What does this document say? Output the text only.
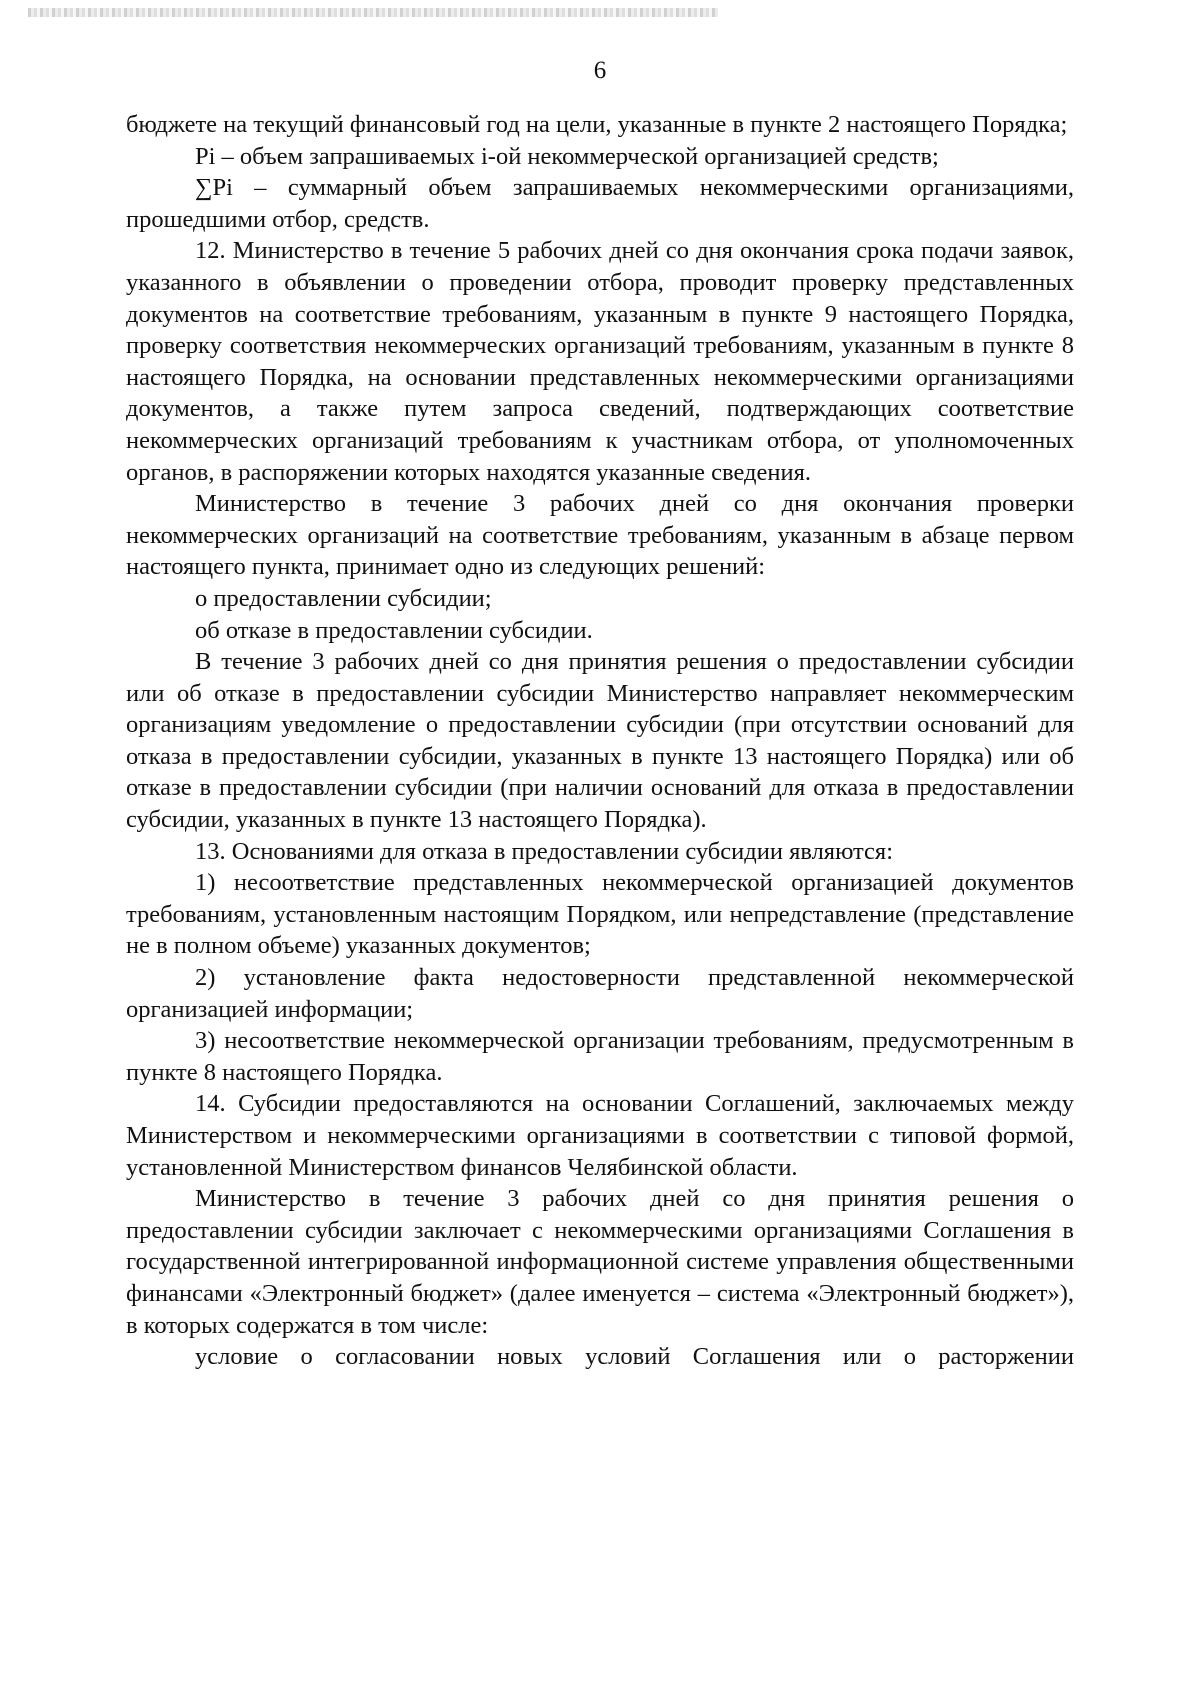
6

бюджете на текущий финансовый год на цели, указанные в пункте 2 настоящего Порядка;

Pi – объем запрашиваемых i-ой некоммерческой организацией средств;

∑Pi – суммарный объем запрашиваемых некоммерческими организациями, прошедшими отбор, средств.

12. Министерство в течение 5 рабочих дней со дня окончания срока подачи заявок, указанного в объявлении о проведении отбора, проводит проверку представленных документов на соответствие требованиям, указанным в пункте 9 настоящего Порядка, проверку соответствия некоммерческих организаций требованиям, указанным в пункте 8 настоящего Порядка, на основании представленных некоммерческими организациями документов, а также путем запроса сведений, подтверждающих соответствие некоммерческих организаций требованиям к участникам отбора, от уполномоченных органов, в распоряжении которых находятся указанные сведения.

Министерство в течение 3 рабочих дней со дня окончания проверки некоммерческих организаций на соответствие требованиям, указанным в абзаце первом настоящего пункта, принимает одно из следующих решений:

о предоставлении субсидии;

об отказе в предоставлении субсидии.

В течение 3 рабочих дней со дня принятия решения о предоставлении субсидии или об отказе в предоставлении субсидии Министерство направляет некоммерческим организациям уведомление о предоставлении субсидии (при отсутствии оснований для отказа в предоставлении субсидии, указанных в пункте 13 настоящего Порядка) или об отказе в предоставлении субсидии (при наличии оснований для отказа в предоставлении субсидии, указанных в пункте 13 настоящего Порядка).

13. Основаниями для отказа в предоставлении субсидии являются:

1) несоответствие представленных некоммерческой организацией документов требованиям, установленным настоящим Порядком, или непредставление (представление не в полном объеме) указанных документов;

2) установление факта недостоверности представленной некоммерческой организацией информации;

3) несоответствие некоммерческой организации требованиям, предусмотренным в пункте 8 настоящего Порядка.

14. Субсидии предоставляются на основании Соглашений, заключаемых между Министерством и некоммерческими организациями в соответствии с типовой формой, установленной Министерством финансов Челябинской области.

Министерство в течение 3 рабочих дней со дня принятия решения о предоставлении субсидии заключает с некоммерческими организациями Соглашения в государственной интегрированной информационной системе управления общественными финансами «Электронный бюджет» (далее именуется – система «Электронный бюджет»), в которых содержатся в том числе:

условие о согласовании новых условий Соглашения или о расторжении
